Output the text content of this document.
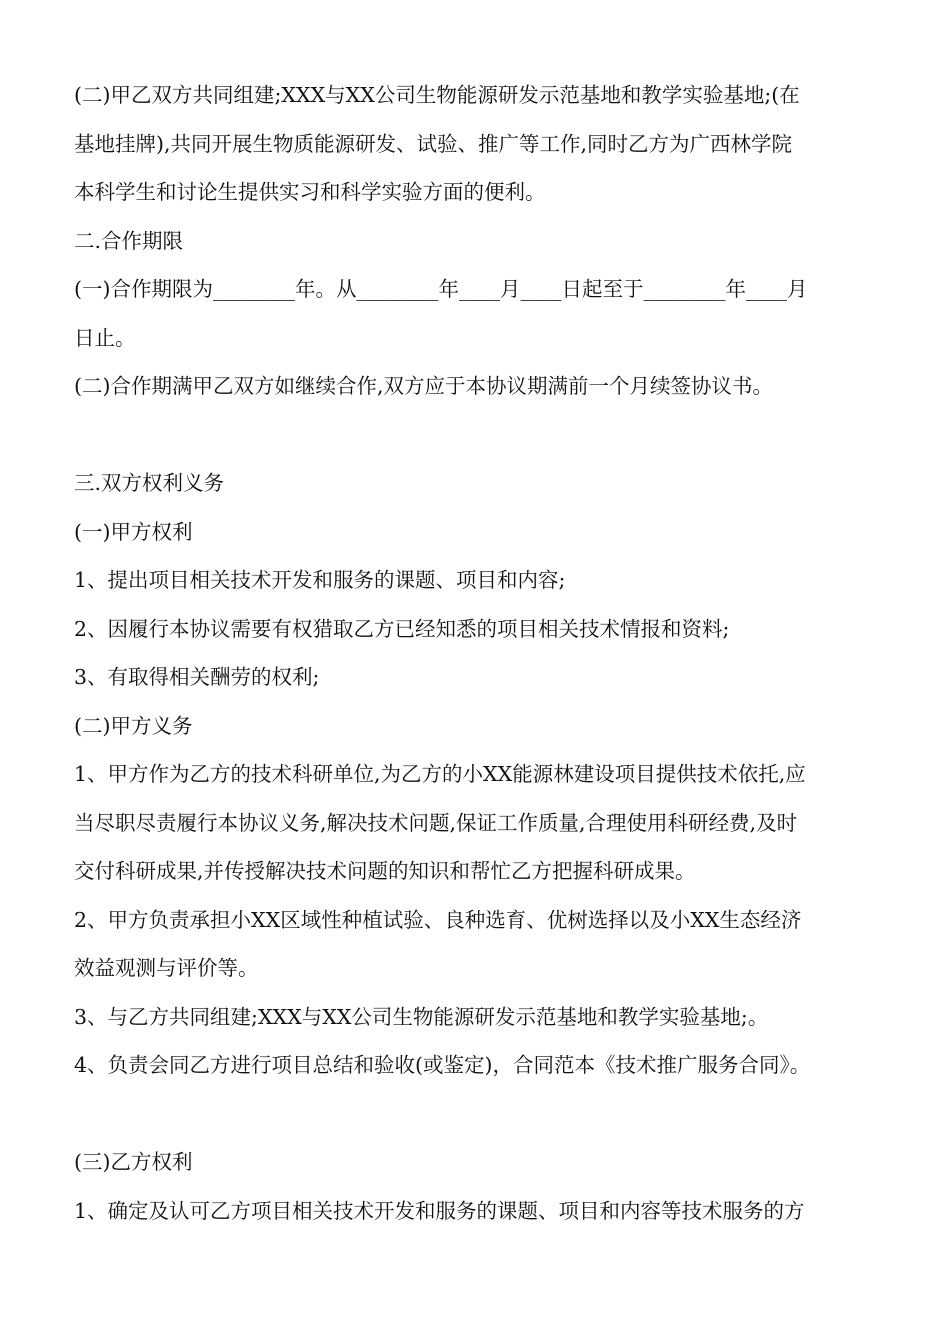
(二)甲乙双方共同组建;XXX与XX公司生物能源研发示范基地和教学实验基地;(在
基地挂牌),共同开展生物质能源研发、试验、推广等工作,同时乙方为广西林学院
本科学生和讨论生提供实习和科学实验方面的便利。
二.合作期限
(一)合作期限为________年。从________年____月____日起至于________年____月
日止。
(二)合作期满甲乙双方如继续合作,双方应于本协议期满前一个月续签协议书。
三.双方权利义务
(一)甲方权利
1、提出项目相关技术开发和服务的课题、项目和内容;
2、因履行本协议需要有权猎取乙方已经知悉的项目相关技术情报和资料;
3、有取得相关酬劳的权利;
(二)甲方义务
1、甲方作为乙方的技术科研单位,为乙方的小XX能源林建设项目提供技术依托,应
当尽职尽责履行本协议义务,解决技术问题,保证工作质量,合理使用科研经费,及时
交付科研成果,并传授解决技术问题的知识和帮忙乙方把握科研成果。
2、甲方负责承担小XX区域性种植试验、良种选育、优树选择以及小XX生态经济
效益观测与评价等。
3、与乙方共同组建;XXX与XX公司生物能源研发示范基地和教学实验基地;。
4、负责会同乙方进行项目总结和验收(或鉴定)，合同范本《技术推广服务合同》。
(三)乙方权利
1、确定及认可乙方项目相关技术开发和服务的课题、项目和内容等技术服务的方
